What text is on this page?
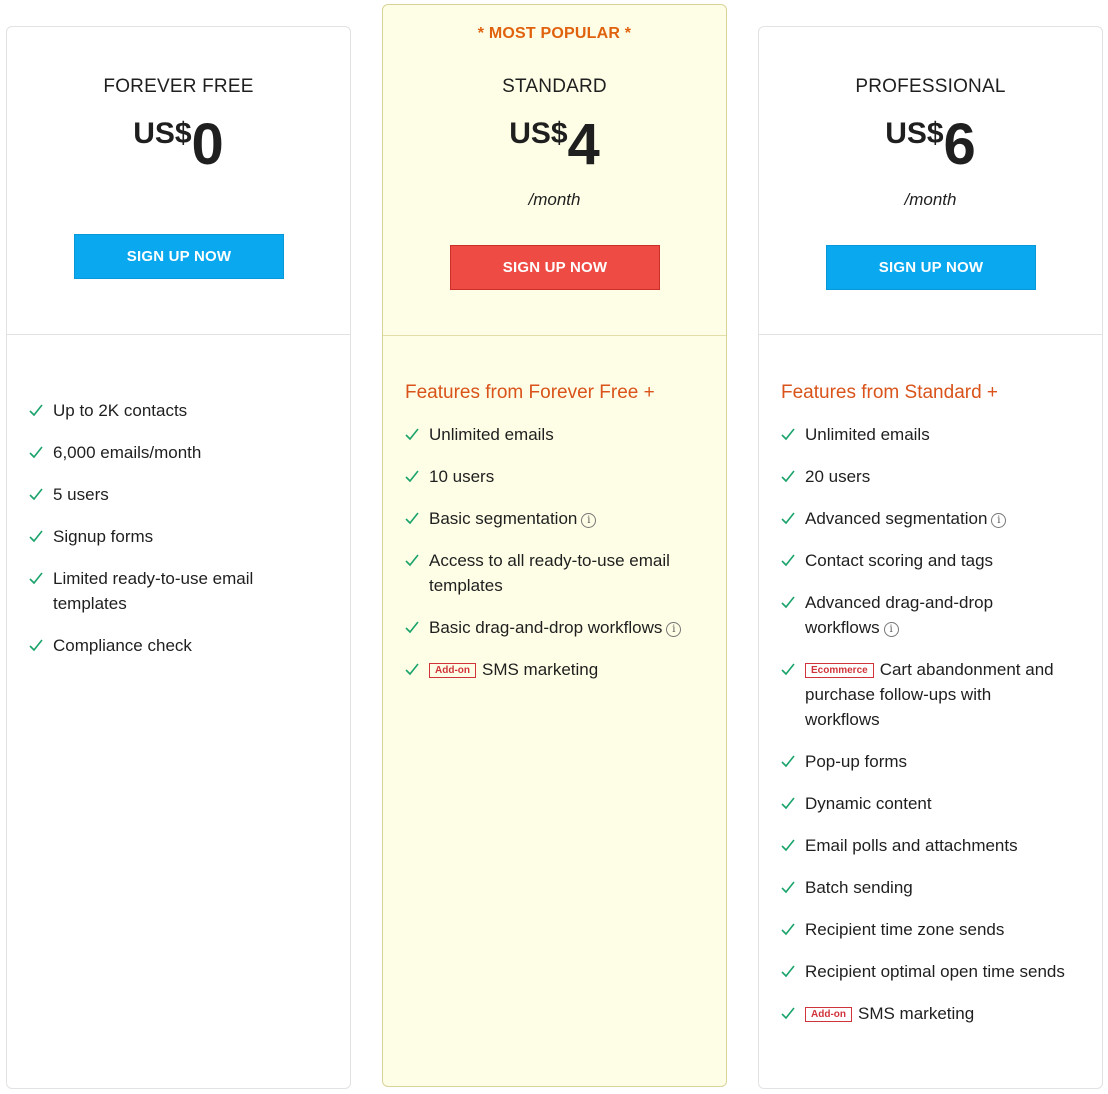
FOREVER FREE
US$0
SIGN UP NOW
Up to 2K contacts
6,000 emails/month
5 users
Signup forms
Limited ready-to-use email templates
Compliance check
* MOST POPULAR *
STANDARD
US$4
/month
SIGN UP NOW
Features from Forever Free +
Unlimited emails
10 users
Basic segmentation i
Access to all ready-to-use email templates
Basic drag-and-drop workflows i
Add-on SMS marketing
PROFESSIONAL
US$6
/month
SIGN UP NOW
Features from Standard +
Unlimited emails
20 users
Advanced segmentation i
Contact scoring and tags
Advanced drag-and-drop workflows i
Ecommerce Cart abandonment and purchase follow-ups with workflows
Pop-up forms
Dynamic content
Email polls and attachments
Batch sending
Recipient time zone sends
Recipient optimal open time sends
Add-on SMS marketing
